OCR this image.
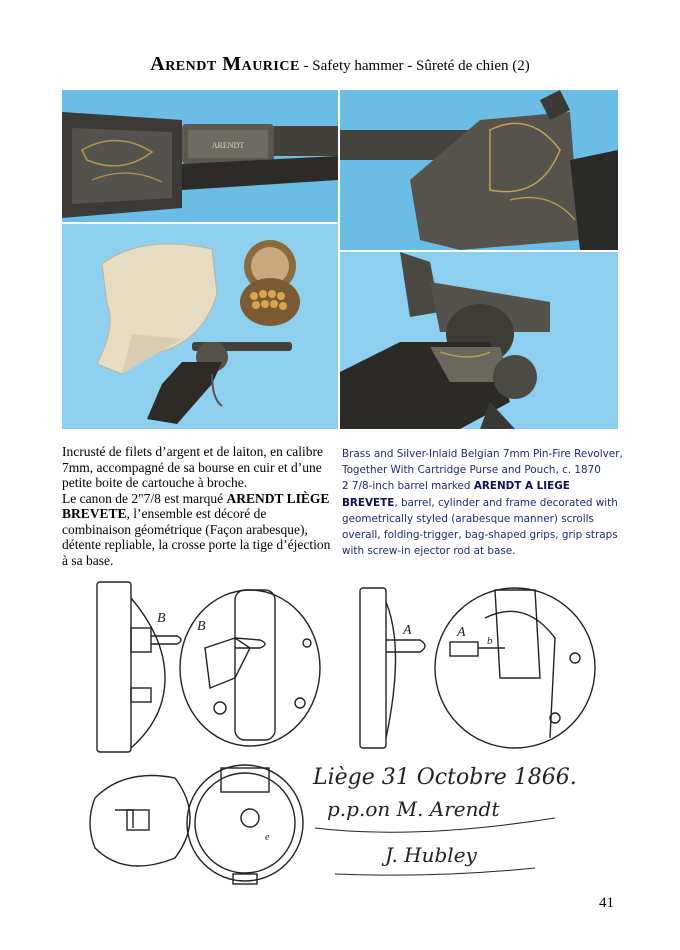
Arendt Maurice - Safety hammer - Sûreté de chien (2)
ARENDT
Incrusté de filets d’argent et de laiton, en calibre 7mm, accompagné de sa bourse en cuir et d’une petite boite de cartouche à broche.
Le canon de 2"7/8 est marqué ARENDT LIÈGE BREVETE, l’ensemble est décoré de combinaison géométrique (Façon arabesque), détente repliable, la crosse porte la tige d’éjection à sa base.
Brass and Silver-Inlaid Belgian 7mm Pin-Fire Revolver, Together With Cartridge Purse and Pouch, c. 1870
2 7/8-inch barrel marked ARENDT A LIEGE BREVETE, barrel, cylinder and frame decorated with geometrically styled (arabesque manner) scrolls overall, folding-trigger, bag-shaped grips, grip straps with screw-in ejector rod at base.
B
B	A	A
b
e
Liège 31 Octobre 1866.
p.p.on M. Arendt
J. Hubley
41
